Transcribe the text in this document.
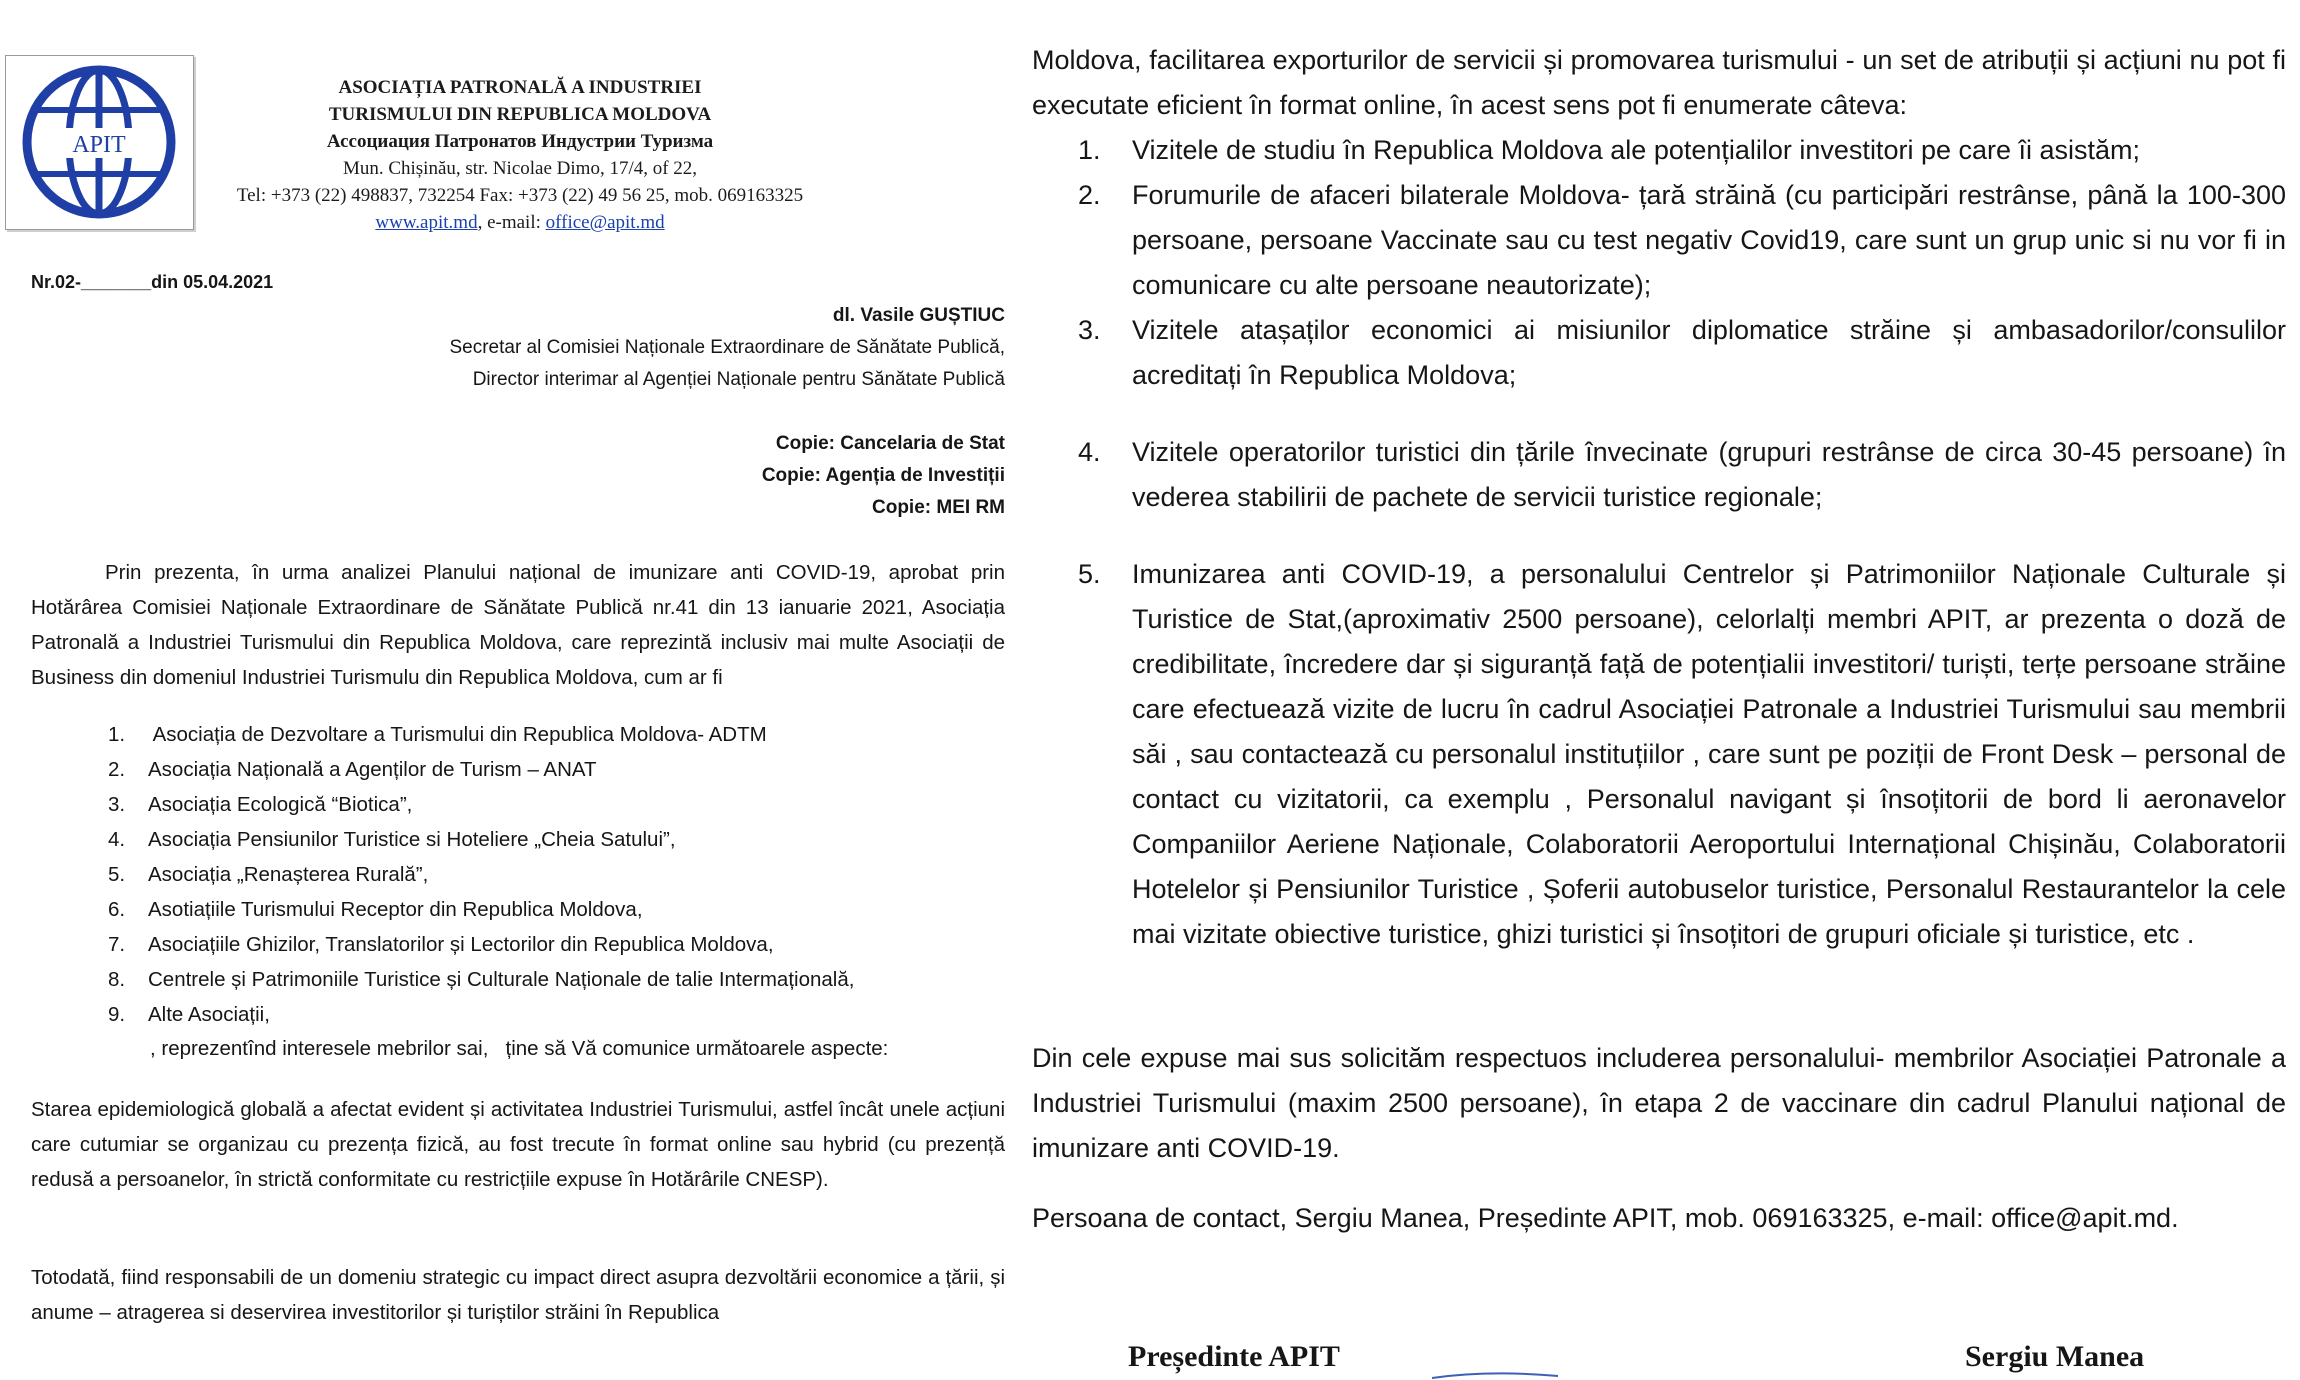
APIT
ASOCIAȚIA PATRONALĂ A INDUSTRIEI
TURISMULUI DIN REPUBLICA MOLDOVA
Ассоциация Патронатов Индустрии Туризма
Mun. Chișinău, str. Nicolae Dimo, 17/4, of 22,
Tel: +373 (22) 498837, 732254 Fax: +373 (22) 49 56 25, mob. 069163325
www.apit.md, e-mail: office@apit.md
Nr.02-_______din 05.04.2021
dl. Vasile GUȘTIUC
Secretar al Comisiei Naționale Extraordinare de Sănătate Publică,
Director interimar al Agenției Naționale pentru Sănătate Publică
Copie: Cancelaria de Stat
Copie: Agenția de Investiții
Copie: MEI RM
Prin prezenta, în urma analizei Planului național de imunizare anti COVID-19, aprobat prin Hotărârea Comisiei Naționale Extraordinare de Sănătate Publică nr.41 din 13 ianuarie 2021, Asociația Patronală a Industriei Turismului din Republica Moldova, care reprezintă inclusiv mai multe Asociații de Business din domeniul Industriei Turismulu din Republica Moldova, cum ar fi
1.	Asociația de Dezvoltare a Turismului din Republica Moldova- ADTM
2.	Asociația Națională a Agenților de Turism – ANAT
3.	Asociația Ecologică “Biotica”,
4.	Asociația Pensiunilor Turistice si Hoteliere „Cheia Satului”,
5.	Asociația „Renașterea Rurală”,
6.	Asotiațiile Turismului Receptor din Republica Moldova,
7.	Asociațiile Ghizilor, Translatorilor și Lectorilor din Republica Moldova,
8.	Centrele și Patrimoniile Turistice și Culturale Naționale de talie Intermațională,
9.	Alte Asociații,
, reprezentînd interesele mebrilor sai,   ține să Vă comunice următoarele aspecte:
Starea epidemiologică globală a afectat evident și activitatea Industriei Turismului, astfel încât unele acțiuni care cutumiar se organizau cu prezența fizică, au fost trecute în format online sau hybrid (cu prezență redusă a persoanelor, în strictă conformitate cu restricțiile expuse în Hotărârile CNESP).
Totodată, fiind responsabili de un domeniu strategic cu impact direct asupra dezvoltării economice a țării, și anume – atragerea si deservirea investitorilor și turiștilor străini în Republica
Moldova, facilitarea exporturilor de servicii și promovarea turismului - un set de atribuții și acțiuni nu pot fi executate eficient în format online, în acest sens pot fi enumerate câteva:
1.	Vizitele de studiu în Republica Moldova ale potențialilor investitori pe care îi asistăm;
2.	Forumurile de afaceri bilaterale Moldova- țară străină (cu participări restrânse, până la 100-300 persoane, persoane Vaccinate sau cu test negativ Covid19, care sunt un grup unic si nu vor fi in comunicare cu alte persoane neautorizate);
3.	Vizitele atașaților economici ai misiunilor diplomatice străine și ambasadorilor/consulilor acreditați în Republica Moldova;
4.	Vizitele operatorilor turistici din țările învecinate (grupuri restrânse de circa 30-45 persoane) în vederea stabilirii de pachete de servicii turistice regionale;
5.	Imunizarea anti COVID-19, a personalului Centrelor și Patrimoniilor Naționale Culturale și Turistice de Stat,(aproximativ 2500 persoane), celorlalți membri APIT, ar prezenta o doză de credibilitate, încredere dar și siguranță față de potențialii investitori/ turiști, terțe persoane străine care efectuează vizite de lucru în cadrul Asociației Patronale a Industriei Turismului sau membrii săi , sau contactează cu personalul instituțiilor , care sunt pe poziții de Front Desk – personal de contact cu vizitatorii, ca exemplu , Personalul navigant și însoțitorii de bord li aeronavelor Companiilor Aeriene Naționale, Colaboratorii Aeroportului Internațional Chișinău, Colaboratorii Hotelelor și Pensiunilor Turistice , Șoferii autobuselor turistice, Personalul Restaurantelor la cele mai vizitate obiective turistice, ghizi turistici și însoțitori de grupuri oficiale și turistice, etc .
Din cele expuse mai sus solicităm respectuos includerea personalului- membrilor Asociației Patronale a Industriei Turismului (maxim 2500 persoane), în etapa 2 de vaccinare din cadrul Planului național de imunizare anti COVID-19.
Persoana de contact, Sergiu Manea, Președinte APIT, mob. 069163325, e-mail: office@apit.md.
Președinte APIT	Sergiu Manea
